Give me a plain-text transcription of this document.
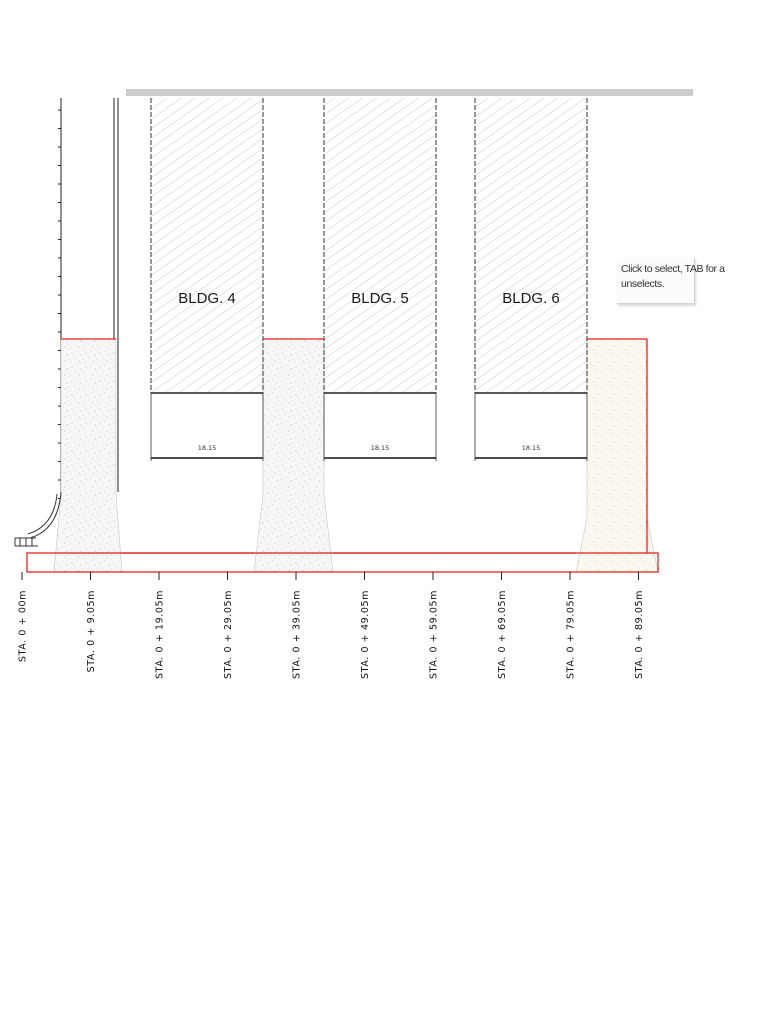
BLDG. 4
18.15
BLDG. 5
18.15
BLDG. 6
18.15
STA. 0 + 00m	STA. 0 + 9.05m	STA. 0 + 19.05m	STA. 0 + 29.05m	STA. 0 + 39.05m	STA. 0 + 49.05m	STA. 0 + 59.05m	STA. 0 + 69.05m	STA. 0 + 79.05m	STA. 0 + 89.05m
Click to select, TAB for a
unselects.
